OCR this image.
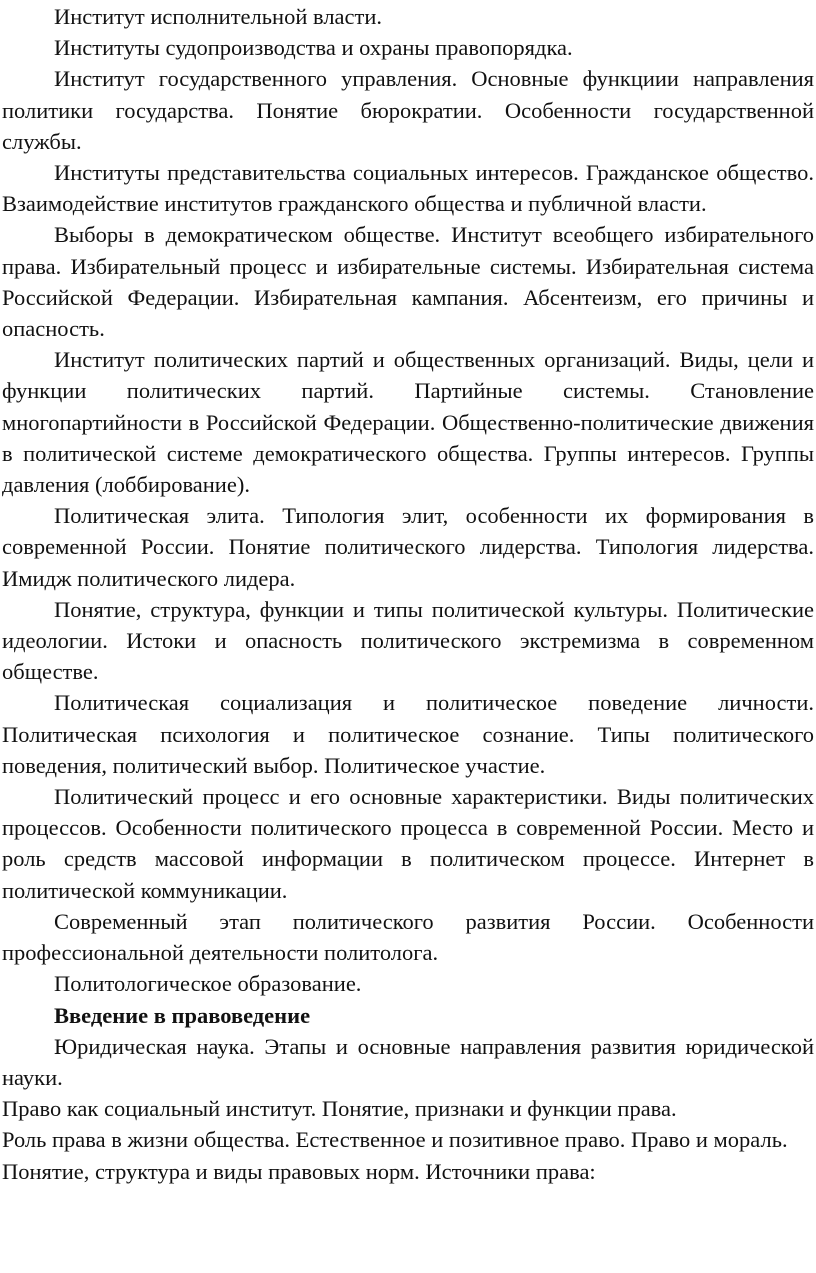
Институт исполнительной власти.

Институты судопроизводства и охраны правопорядка.

Институт государственного управления. Основные функциии направления политики государства. Понятие бюрократии. Особенности государственной службы.

Институты представительства социальных интересов. Гражданское общество. Взаимодействие институтов гражданского общества и публичной власти.

Выборы в демократическом обществе. Институт всеобщего избирательного права. Избирательный процесс и избирательные системы. Избирательная система Российской Федерации. Избирательная кампания. Абсентеизм, его причины и опасность.

Институт политических партий и общественных организаций. Виды, цели и функции политических партий. Партийные системы. Становление многопартийности в Российской Федерации. Общественно-политические движения в политической системе демократического общества. Группы интересов. Группы давления (лоббирование).

Политическая элита. Типология элит, особенности их формирования в современной России. Понятие политического лидерства. Типология лидерства. Имидж политического лидера.

Понятие, структура, функции и типы политической культуры. Политические идеологии. Истоки и опасность политического экстремизма в современном обществе.

Политическая социализация и политическое поведение личности. Политическая психология и политическое сознание. Типы политического поведения, политический выбор. Политическое участие.

Политический процесс и его основные характеристики. Виды политических процессов. Особенности политического процесса в современной России. Место и роль средств массовой информации в политическом процессе. Интернет в политической коммуникации.

Современный этап политического развития России. Особенности профессиональной деятельности политолога.

Политологическое образование.

Введение в правоведение

Юридическая наука. Этапы и основные направления развития юридической науки.

Право как социальный институт. Понятие, признаки и функции права.

Роль права в жизни общества. Естественное и позитивное право. Право и мораль. Понятие, структура и виды правовых норм. Источники права:
